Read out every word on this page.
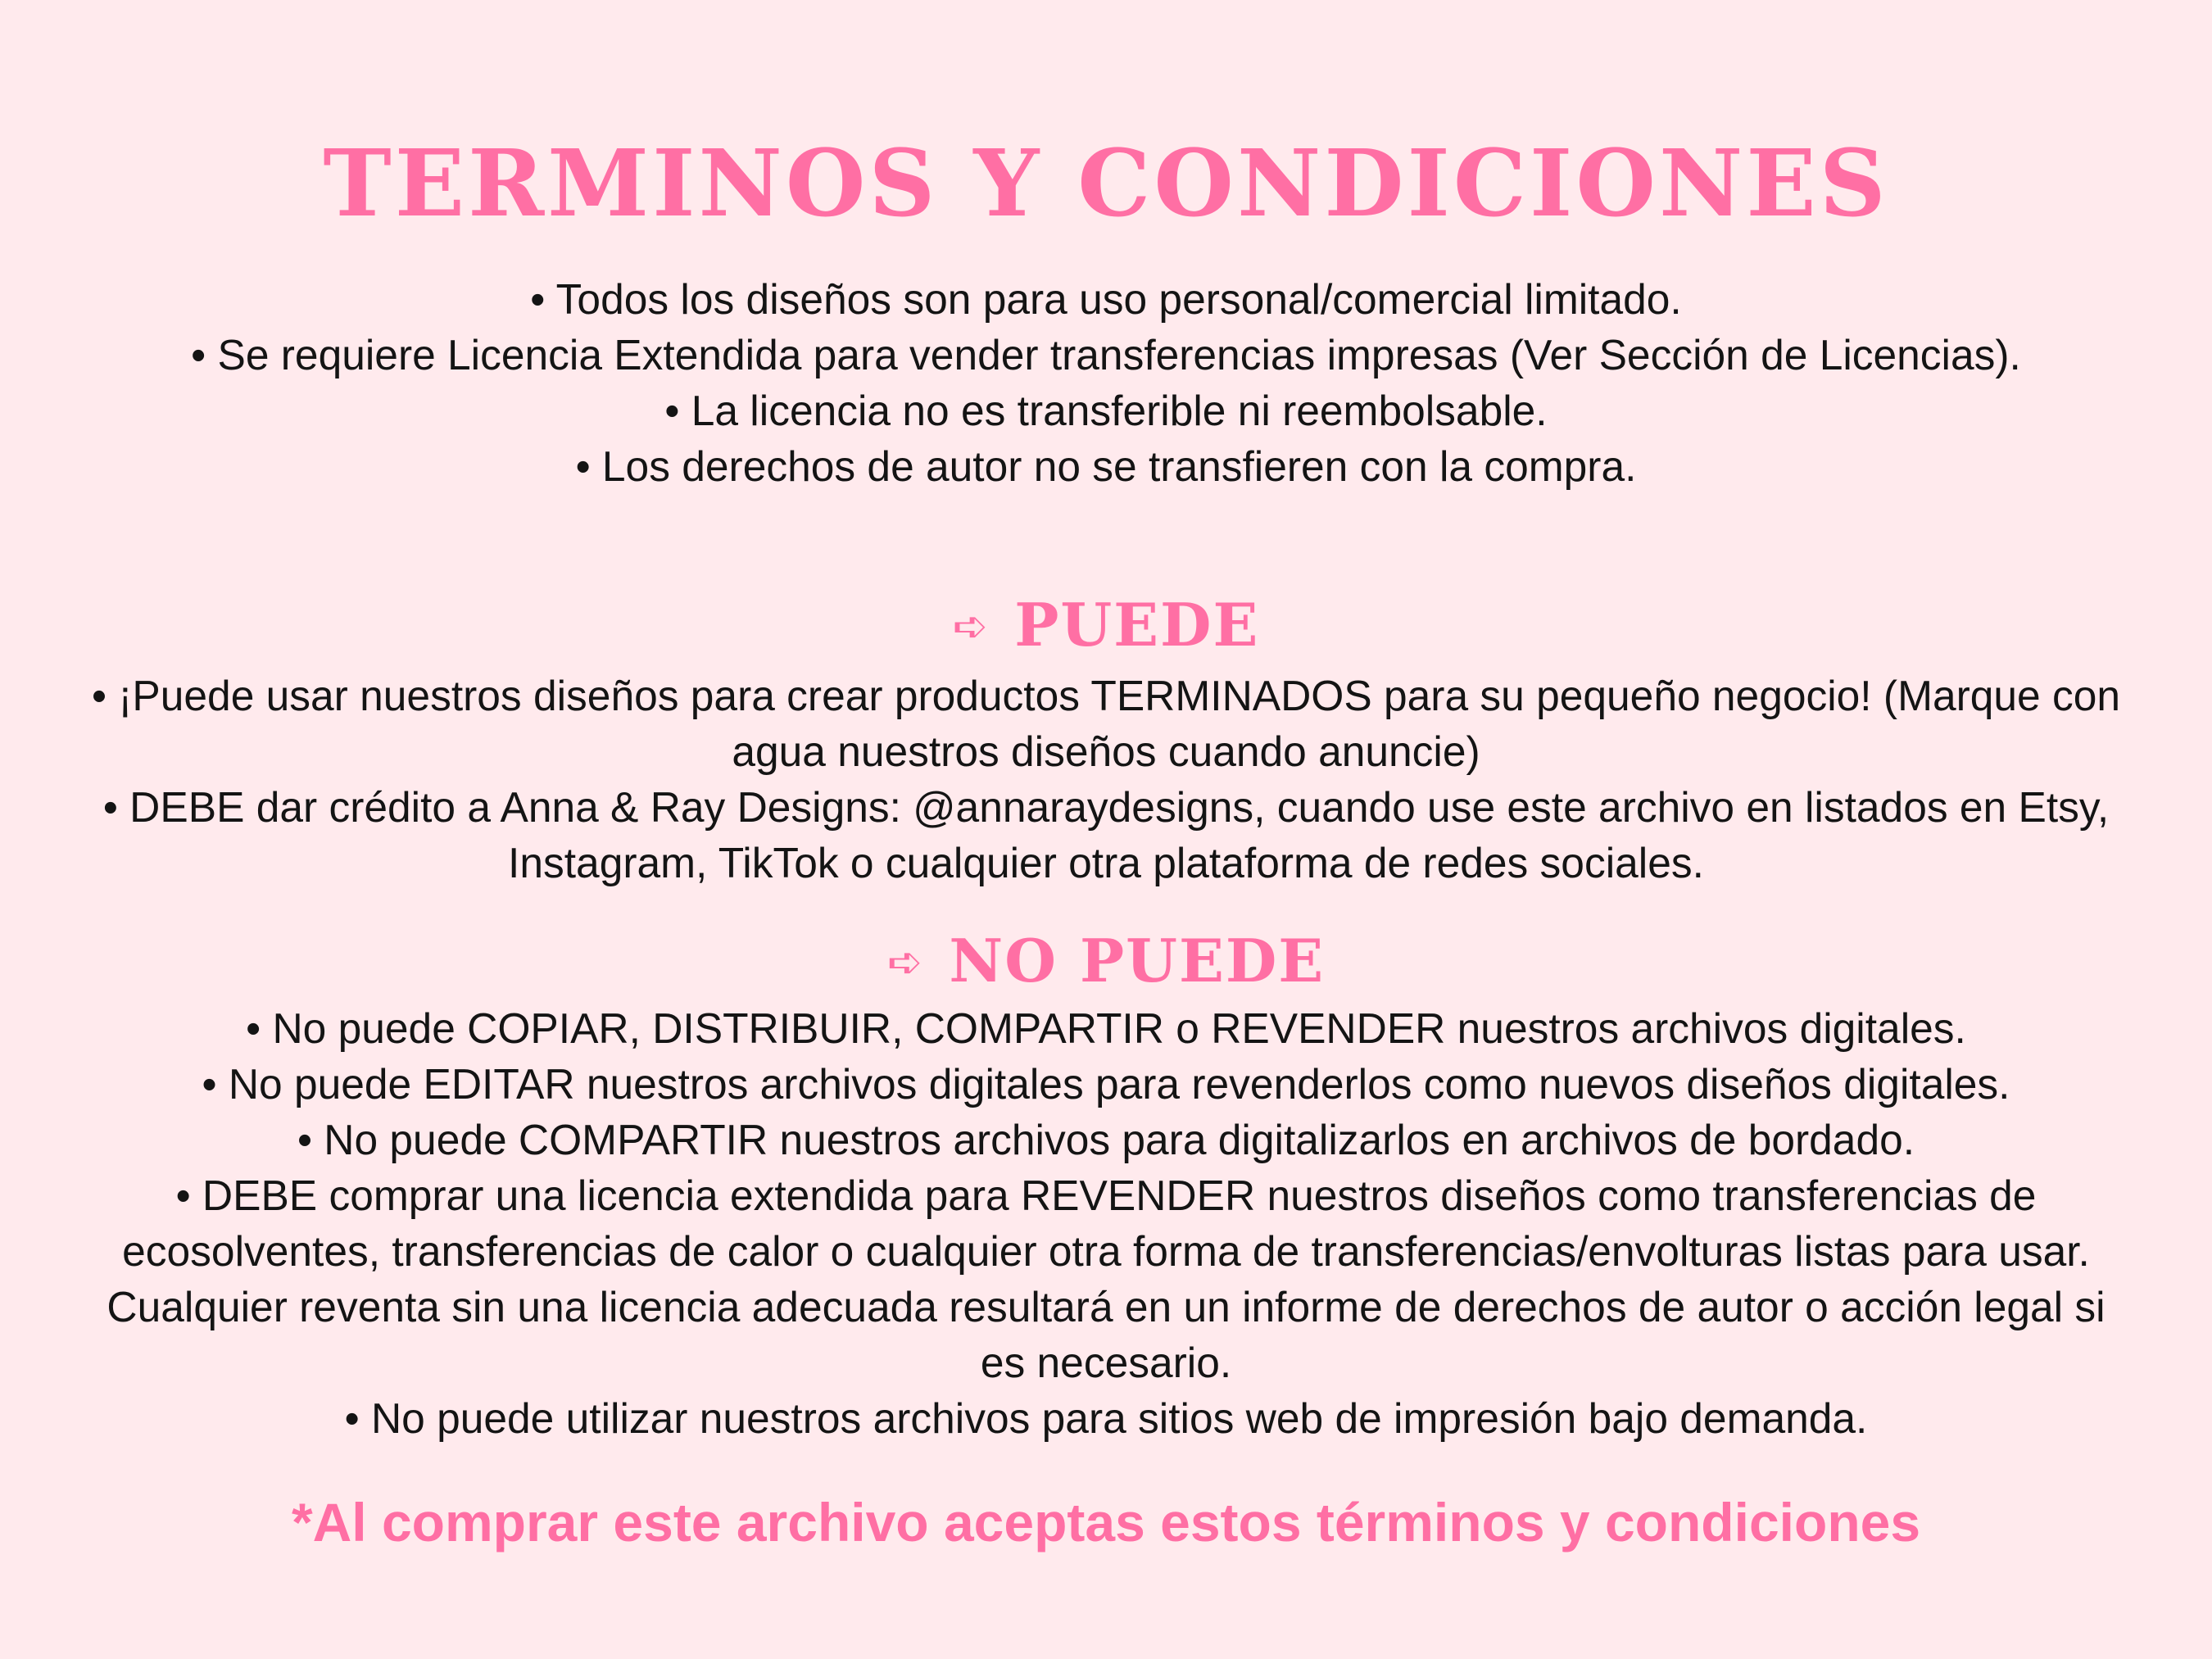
TERMINOS Y CONDICIONES

• Todos los diseños son para uso personal/comercial limitado.

• Se requiere Licencia Extendida para vender transferencias impresas (Ver Sección de Licencias).

• La licencia no es transferible ni reembolsable.

• Los derechos de autor no se transfieren con la compra.

➪ PUEDE

• ¡Puede usar nuestros diseños para crear productos TERMINADOS para su pequeño negocio! (Marque con agua nuestros diseños cuando anuncie)

• DEBE dar crédito a Anna & Ray Designs: @annaraydesigns, cuando use este archivo en listados en Etsy, Instagram, TikTok o cualquier otra plataforma de redes sociales.

➪ NO PUEDE

• No puede COPIAR, DISTRIBUIR, COMPARTIR o REVENDER nuestros archivos digitales.

• No puede EDITAR nuestros archivos digitales para revenderlos como nuevos diseños digitales.

• No puede COMPARTIR nuestros archivos para digitalizarlos en archivos de bordado.

• DEBE comprar una licencia extendida para REVENDER nuestros diseños como transferencias de ecosolventes, transferencias de calor o cualquier otra forma de transferencias/envolturas listas para usar. Cualquier reventa sin una licencia adecuada resultará en un informe de derechos de autor o acción legal si es necesario.

• No puede utilizar nuestros archivos para sitios web de impresión bajo demanda.

*Al comprar este archivo aceptas estos términos y condiciones
